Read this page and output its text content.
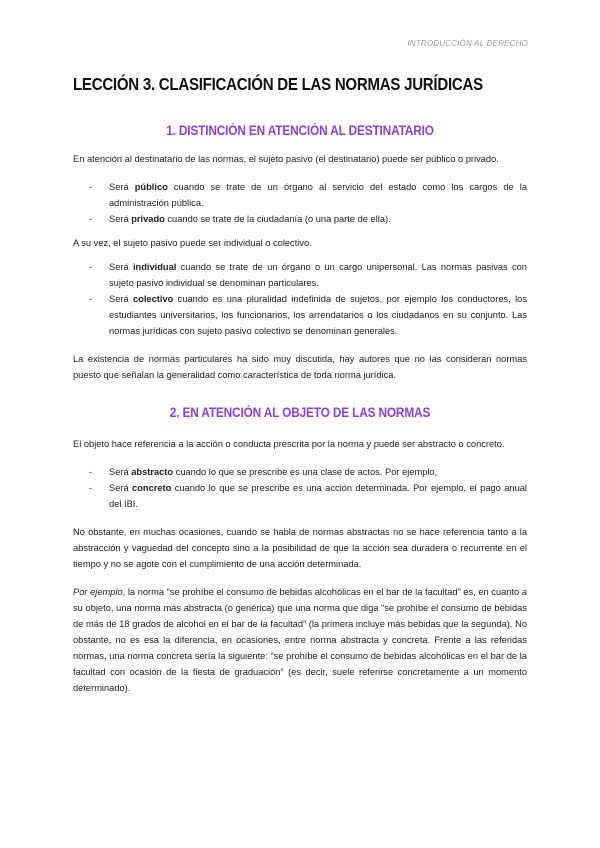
INTRODUCCIÓN AL DERECHO
LECCIÓN 3. CLASIFICACIÓN DE LAS NORMAS JURÍDICAS
1. DISTINCIÓN EN ATENCIÓN AL DESTINATARIO

En atención al destinatario de las normas, el sujeto pasivo (el destinatario) puede ser público o privado.

- Será público cuando se trate de un órgano al servicio del estado como los cargos de la administración pública.
- Será privado cuando se trate de la ciudadanía (o una parte de ella).

A su vez, el sujeto pasivo puede ser individual o colectivo.

- Será individual cuando se trate de un órgano o un cargo unipersonal. Las normas pasivas con sujeto pasivo individual se denominan particulares.
- Será colectivo cuando es una pluralidad indefinida de sujetos, por ejemplo los conductores, los estudiantes universitarios, los funcionarios, los arrendatarios o los ciudadanos en su conjunto. Las normas jurídicas con sujeto pasivo colectivo se denominan generales.

La existencia de normas particulares ha sido muy discutida, hay autores que no las consideran normas puesto que señalan la generalidad como característica de toda norma jurídica.

2. EN ATENCIÓN AL OBJETO DE LAS NORMAS

El objeto hace referencia a la acción o conducta prescrita por la norma y puede ser abstracto o concreto.

- Será abstracto cuando lo que se prescribe es una clase de actos. Por ejemplo,
- Será concreto cuando lo que se prescribe es una acción determinada. Por ejemplo, el pago anual del IBI.

No obstante, en muchas ocasiones, cuando se habla de normas abstractas no se hace referencia tanto a la abstracción y vaguedad del concepto sino a la posibilidad de que la acción sea duradera o recurrente en el tiempo y no se agote con el cumplimiento de una acción determinada.

Por ejemplo, la norma “se prohíbe el consumo de bebidas alcohólicas en el bar de la facultad” es, en cuanto a su objeto, una norma más abstracta (o genérica) que una norma que diga “se prohíbe el consumo de bebidas de más de 18 grados de alcohol en el bar de la facultad” (la primera incluye más bebidas que la segunda). No obstante, no es esa la diferencia, en ocasiones, entre norma abstracta y concreta. Frente a las referidas normas, una norma concreta sería la siguiente: “se prohíbe el consumo de bebidas alcohólicas en el bar de la facultad con ocasión de la fiesta de graduación” (es decir, suele referirse concretamente a un momento determinado).
